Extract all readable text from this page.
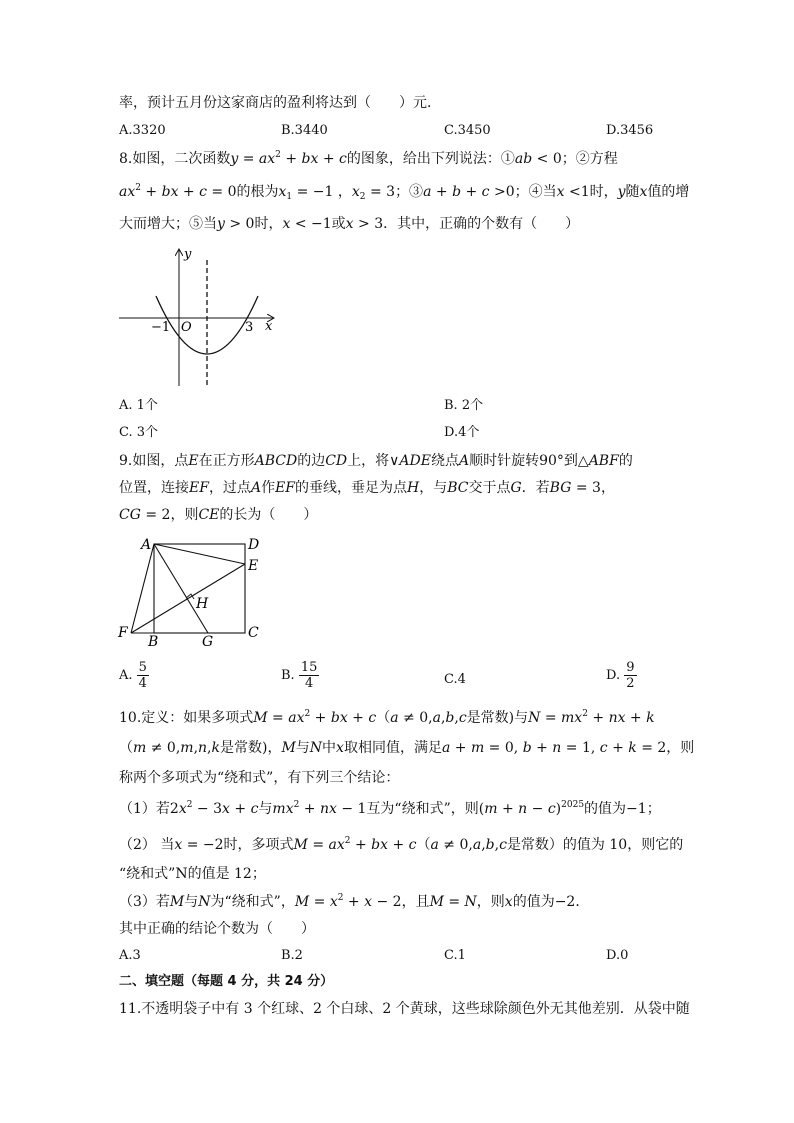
率，预计五月份这家商店的盈利将达到（　　）元．
A.3320	B.3440	C.3450	D.3456
8.如图，二次函数$y = ax^2$ + bx + c的图象，给出下列说法：①ab < 0；②方程
$ax^2$ + bx + c = 0的根为$x_1 = -1$ ，$x_2 = 3$；③a + b + c >0；④当x <1时，y随x值的增
大而增大；⑤当y > 0时，x < −1或x > 3．其中，正确的个数有（　　）
y
x
O
−1	3
A. 1个	B. 2个
C. 3个	D.4个
9.如图，点E在正方形ABCD的边CD上，将∨ADE绕点A顺时针旋转90°到△ABF的
位置，连接EF，过点A作EF的垂线，垂足为点H，与BC交于点G．若BG = 3，
CG = 2，则CE的长为（　　）
A	D
E
H
F
B	G
C
A. $\frac{5}{4}$	B. $\frac{15}{4}$	C.4	D. $\frac{9}{2}$
10.定义：如果多项式$M = ax^2$ + bx + c（a ≠ 0,a,b,c是常数)与$N = mx^2$ + nx + k
（m ≠ 0,m,n,k是常数)，M与N中x取相同值，满足a + m = 0, b + n = 1, c + k = 2，则
称两个多项式为“绕和式”，有下列三个结论：
（1）若$2x^2 - 3x + c$与$mx^2$ + nx − 1互为“绕和式”，则$(m + n - c)^{2025}$的值为−1；
（2） 当x = −2时，多项式$M = ax^2$ + bx + c（a ≠ 0,a,b,c是常数）的值为 10，则它的
“绕和式”N的值是 12；
（3）若M与N为“绕和式”，$M = x^2 + x - 2$，且M = N，则x的值为−2．
其中正确的结论个数为（　　）
A.3	B.2	C.1	D.0
二、填空题（每题 4 分，共 24 分）
11.不透明袋子中有 3 个红球、2 个白球、2 个黄球，这些球除颜色外无其他差别．从袋中随
